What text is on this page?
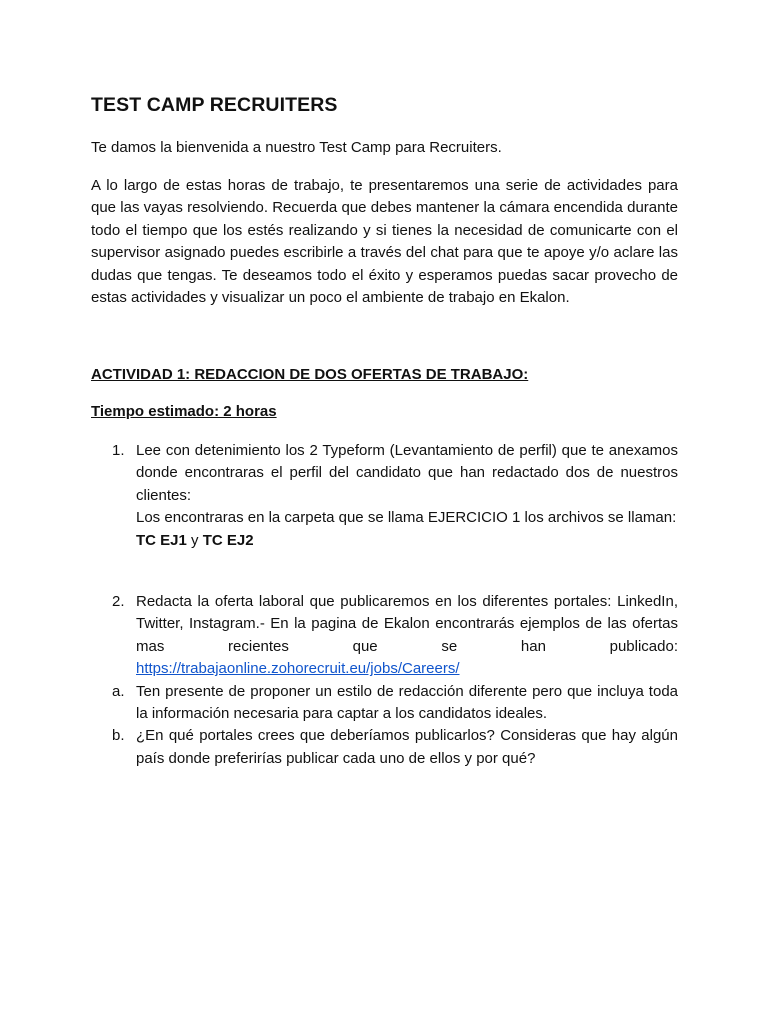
TEST CAMP RECRUITERS

Te damos la bienvenida a nuestro Test Camp para Recruiters.

A lo largo de estas horas de trabajo, te presentaremos una serie de actividades para que las vayas resolviendo. Recuerda que debes mantener la cámara encendida durante todo el tiempo que los estés realizando y si tienes la necesidad de comunicarte con el supervisor asignado puedes escribirle a través del chat para que te apoye y/o aclare las dudas que tengas. Te deseamos todo el éxito y esperamos puedas sacar provecho de estas actividades y visualizar un poco el ambiente de trabajo en Ekalon.

ACTIVIDAD 1: REDACCION DE DOS OFERTAS DE TRABAJO:

Tiempo estimado: 2 horas

1. Lee con detenimiento los 2 Typeform (Levantamiento de perfil) que te anexamos donde encontraras el perfil del candidato que han redactado dos de nuestros clientes:
Los encontraras en la carpeta que se llama EJERCICIO 1 los archivos se llaman:
TC EJ1 y TC EJ2
2. Redacta la oferta laboral que publicaremos en los diferentes portales: LinkedIn, Twitter, Instagram.- En la pagina de Ekalon encontrarás ejemplos de las ofertas mas recientes que se han publicado:
https://trabajaonline.zohorecruit.eu/jobs/Careers/
a. Ten presente de proponer un estilo de redacción diferente pero que incluya toda la información necesaria para captar a los candidatos ideales.
b. ¿En qué portales crees que deberíamos publicarlos? Consideras que hay algún país donde preferirías publicar cada uno de ellos y por qué?
